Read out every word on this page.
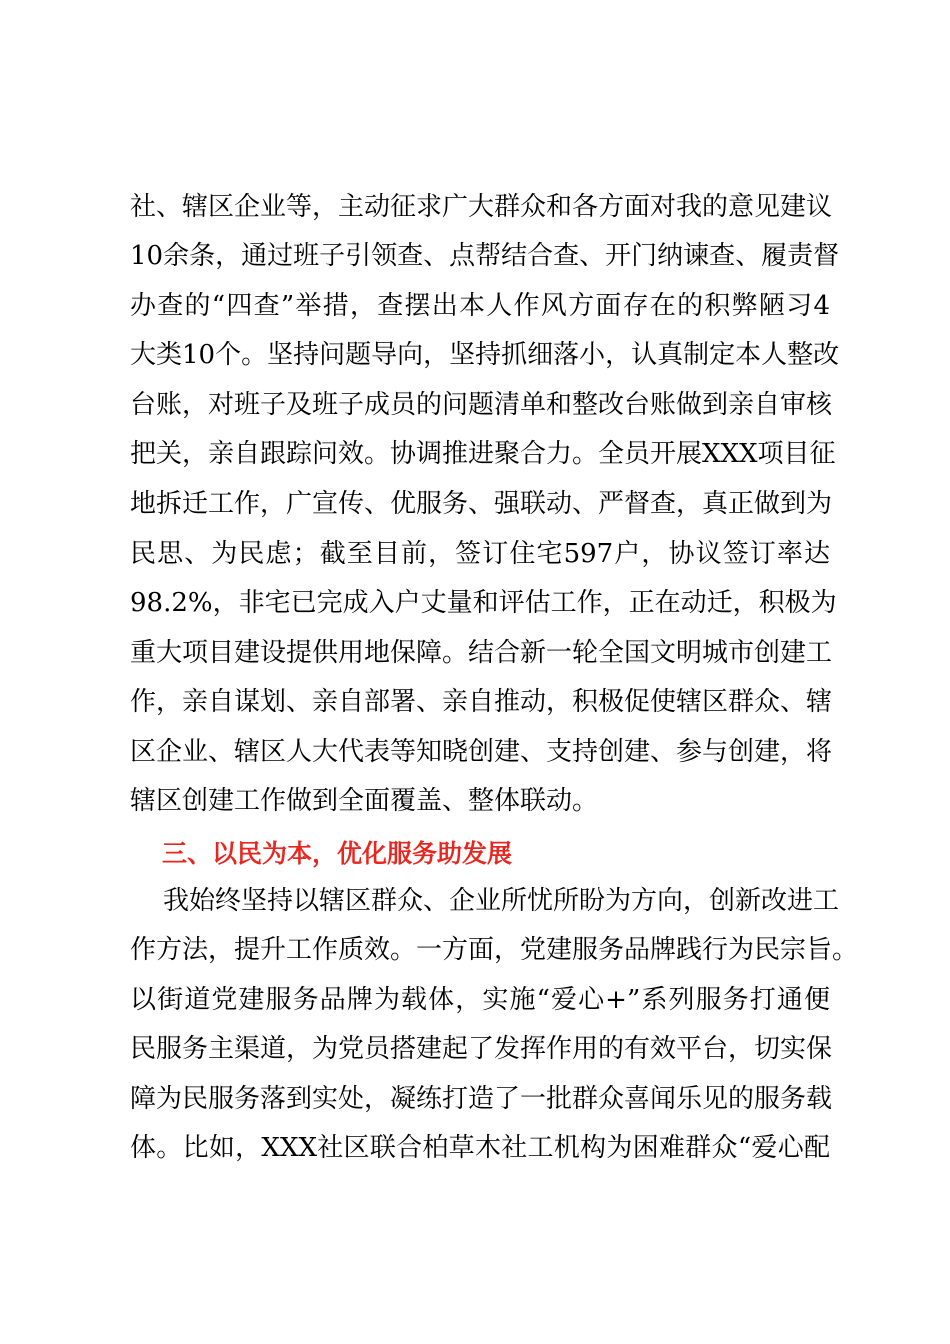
社、辖区企业等，主动征求广大群众和各方面对我的意见建议

10余条，通过班子引领查、点帮结合查、开门纳谏查、履责督

办查的“四查”举措，查摆出本人作风方面存在的积弊陋习4

大类10个。坚持问题导向，坚持抓细落小，认真制定本人整改

台账，对班子及班子成员的问题清单和整改台账做到亲自审核

把关，亲自跟踪问效。协调推进聚合力。全员开展XXX项目征

地拆迁工作，广宣传、优服务、强联动、严督查，真正做到为

民思、为民虑；截至目前，签订住宅597户，协议签订率达

98.2%，非宅已完成入户丈量和评估工作，正在动迁，积极为

重大项目建设提供用地保障。结合新一轮全国文明城市创建工

作，亲自谋划、亲自部署、亲自推动，积极促使辖区群众、辖

区企业、辖区人大代表等知晓创建、支持创建、参与创建，将

辖区创建工作做到全面覆盖、整体联动。

三、以民为本，优化服务助发展

我始终坚持以辖区群众、企业所忧所盼为方向，创新改进工

作方法，提升工作质效。一方面，党建服务品牌践行为民宗旨。

以街道党建服务品牌为载体，实施“爱心+”系列服务打通便

民服务主渠道，为党员搭建起了发挥作用的有效平台，切实保

障为民服务落到实处，凝练打造了一批群众喜闻乐见的服务载

体。比如，XXX社区联合柏草木社工机构为困难群众“爱心配
